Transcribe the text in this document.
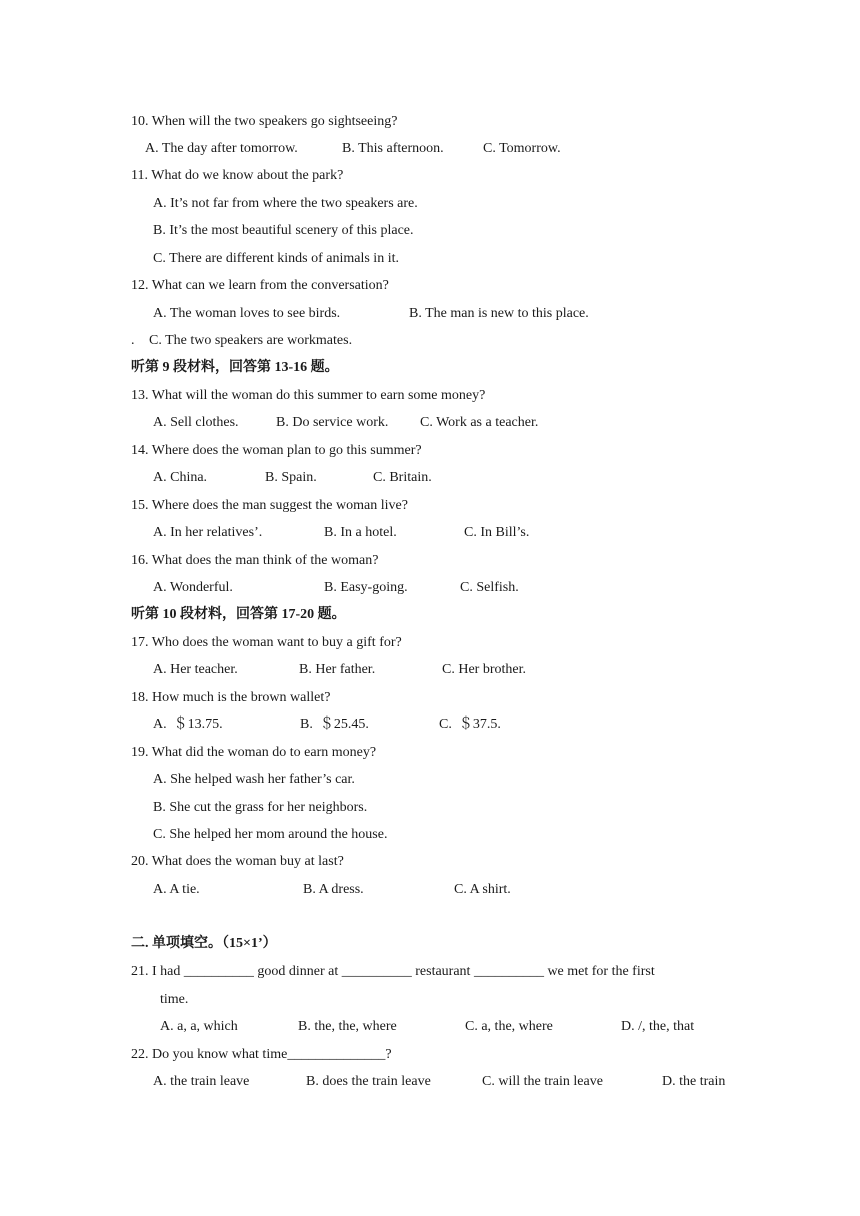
10. When will the two speakers go sightseeing?
A. The day after tomorrow.	B. This afternoon.	C. Tomorrow.
11. What do we know about the park?
A. It’s not far from where the two speakers are.
B. It’s the most beautiful scenery of this place.
C. There are different kinds of animals in it.
12. What can we learn from the conversation?
A. The woman loves to see birds.	B. The man is new to this place.
. C. The two speakers are workmates.
听第 9 段材料，回答第 13-16 题。
13. What will the woman do this summer to earn some money?
A. Sell clothes.	B. Do service work. C. Work as a teacher.
14. Where does the woman plan to go this summer?
A. China.	B. Spain.	C. Britain.
15. Where does the man suggest the woman live?
A. In her relatives’.	B. In a hotel.	C. In Bill’s.
16. What does the man think of the woman?
A. Wonderful.	B. Easy-going.	C. Selfish.
听第 10 段材料，回答第 17-20 题。
17. Who does the woman want to buy a gift for?
A. Her teacher.	B. Her father.	C. Her brother.
18. How much is the brown wallet?
A.  ＄13.75.	B.  ＄25.45.	C.  ＄37.5.
19. What did the woman do to earn money?
A. She helped wash her father’s car.
B. She cut the grass for her neighbors.
C. She helped her mom around the house.
20. What does the woman buy at last?
A. A tie.	B. A dress.	C. A shirt.
二. 单项填空。（15×1’）
21. I had __________ good dinner at __________ restaurant __________ we met for the first
time.
A. a, a, which	B. the, the, where	C. a, the, where	D. /, the, that
22. Do you know what time______________?
A. the train leave	B. does the train leave	C. will the train leave	D. the train
